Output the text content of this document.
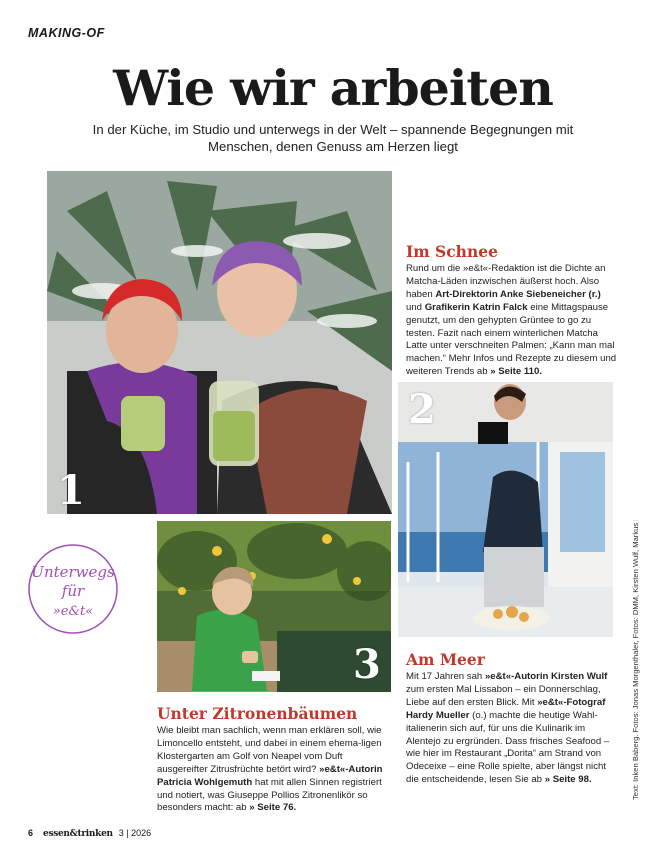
MAKING-OF
Wie wir arbeiten
In der Küche, im Studio und unterwegs in der Welt – spannende Begegnungen mit Menschen, denen Genuss am Herzen liegt
1
Im Schnee
Rund um die »e&t«-Redaktion ist die Dichte an Matcha-Läden inzwischen äußerst hoch. Also haben Art-Direktorin Anke Siebeneicher (r.) und Grafikerin Katrin Falck eine Mittagspause genutzt, um den gehypten Grüntee to go zu testen. Fazit nach einem winterlichen Matcha Latte unter verschneiten Palmen: „Kann man mal machen.“ Mehr Infos und Rezepte zu diesem und weiteren Trends ab » Seite 110.
2
3 Am Meer
Mit 17 Jahren sah »e&t«-Autorin Kirsten Wulf zum ersten Mal Lissabon – ein Donnerschlag, Liebe auf den ersten Blick. Mit »e&t«-Fotograf Hardy Mueller (o.) machte die heutige Wahl-italienerin sich auf, für uns die Kulinarik im Alentejo zu ergründen. Dass frisches Seafood – wie hier im Restaurant „Dorita“ am Strand von Odeceixe – eine Rolle spielte, aber längst nicht die entscheidende, lesen Sie ab » Seite 98.
Unter Zitronenbäumen
Wie bleibt man sachlich, wenn man erklären soll, wie Limoncello entsteht, und dabei in einem ehema-ligen Klostergarten am Golf von Neapel vom Duft ausgereifter Zitrusfrüchte betört wird? »e&t«-Autorin Patricia Wohlgemuth hat mit allen Sinnen registriert und notiert, was Giuseppe Pollios Zitronenlikör so besonders macht: ab » Seite 76.
Unterwegs
für
»e&t«	Text: Inken Baberg. Fotos: Jonas Morgenthaler, Fotos: DMM, Kirsten Wulf, Markus Kirchgessner
6 essen&trinken 3 | 2026
